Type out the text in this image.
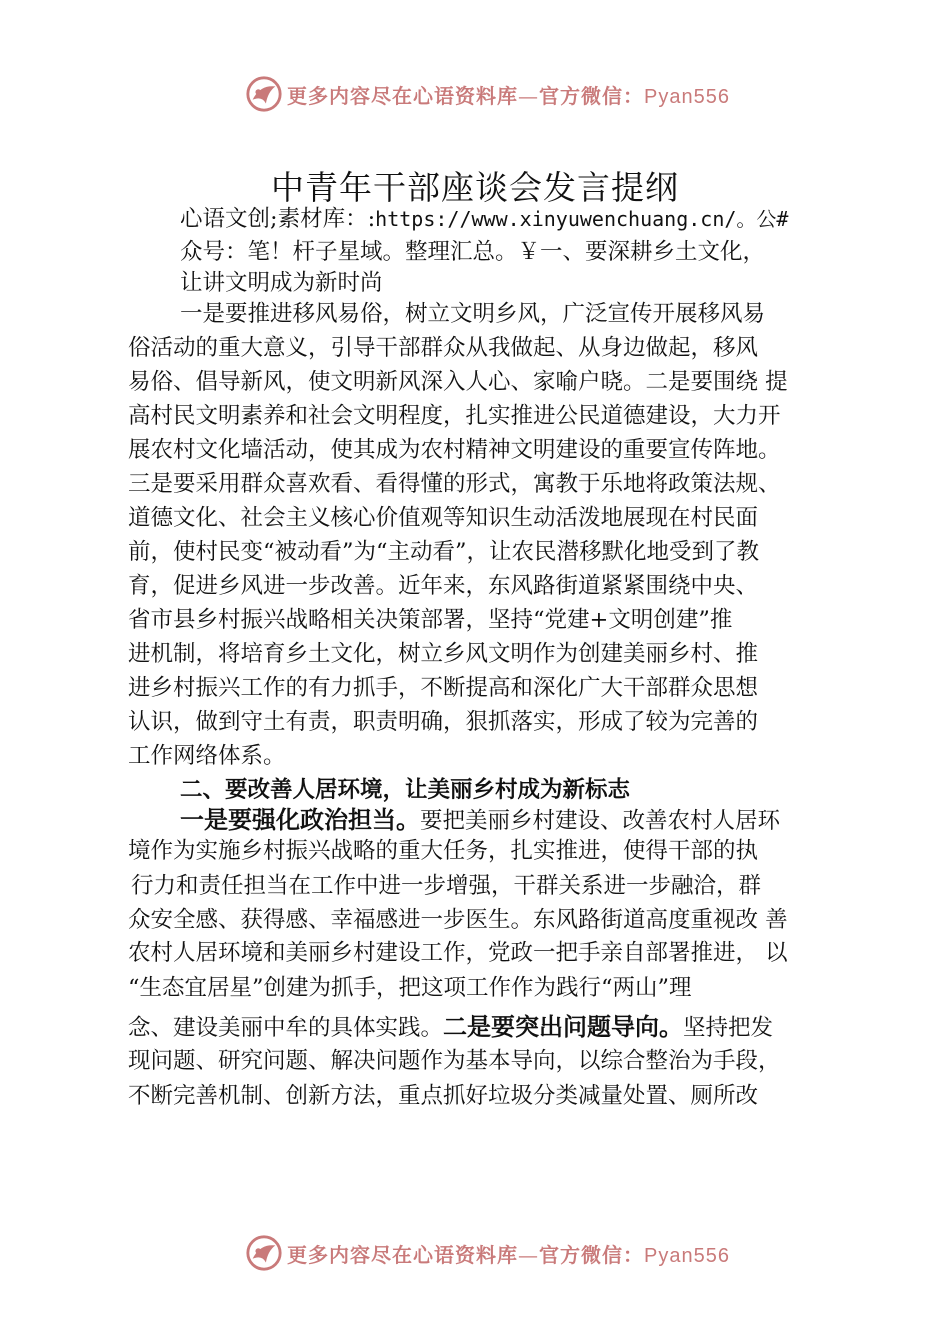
更多内容尽在心语资料库—官方微信：Pyan556
中青年干部座谈会发言提纲
心语文创;素材库：:https://www.xinyuwenchuang.cn/。公#
众号：笔！杆子星域。整理汇总。￥一、要深耕乡土文化，
让讲文明成为新时尚
一是要推进移风易俗，树立文明乡风，广泛宣传开展移风易
俗活动的重大意义，引导干部群众从我做起、从身边做起，移风
易俗、倡导新风，使文明新风深入人心、家喻户晓。二是要围绕 提
高村民文明素养和社会文明程度，扎实推进公民道德建设，大力开
展农村文化墙活动，使其成为农村精神文明建设的重要宣传阵地。
三是要采用群众喜欢看、看得懂的形式，寓教于乐地将政策法规、
道德文化、社会主义核心价值观等知识生动活泼地展现在村民面
前，使村民变“被动看”为“主动看”，让农民潜移默化地受到了教
育，促进乡风进一步改善。近年来，东风路街道紧紧围绕中央、
省市县乡村振兴战略相关决策部署，坚持“党建+文明创建”推
进机制，将培育乡土文化，树立乡风文明作为创建美丽乡村、推
进乡村振兴工作的有力抓手，不断提高和深化广大干部群众思想
认识，做到守土有责，职责明确，狠抓落实，形成了较为完善的
工作网络体系。
二、要改善人居环境，让美丽乡村成为新标志
一是要强化政治担当。要把美丽乡村建设、改善农村人居环
境作为实施乡村振兴战略的重大任务，扎实推进，使得干部的执
行力和责任担当在工作中进一步增强，干群关系进一步融洽，群
众安全感、获得感、幸福感进一步医生。东风路街道高度重视改 善
农村人居环境和美丽乡村建设工作，党政一把手亲自部署推进， 以
“生态宜居星”创建为抓手，把这项工作作为践行“两山”理
念、建设美丽中牟的具体实践。二是要突出问题导向。坚持把发
现问题、研究问题、解决问题作为基本导向，以综合整治为手段，
不断完善机制、创新方法，重点抓好垃圾分类减量处置、厕所改
更多内容尽在心语资料库—官方微信：Pyan556
